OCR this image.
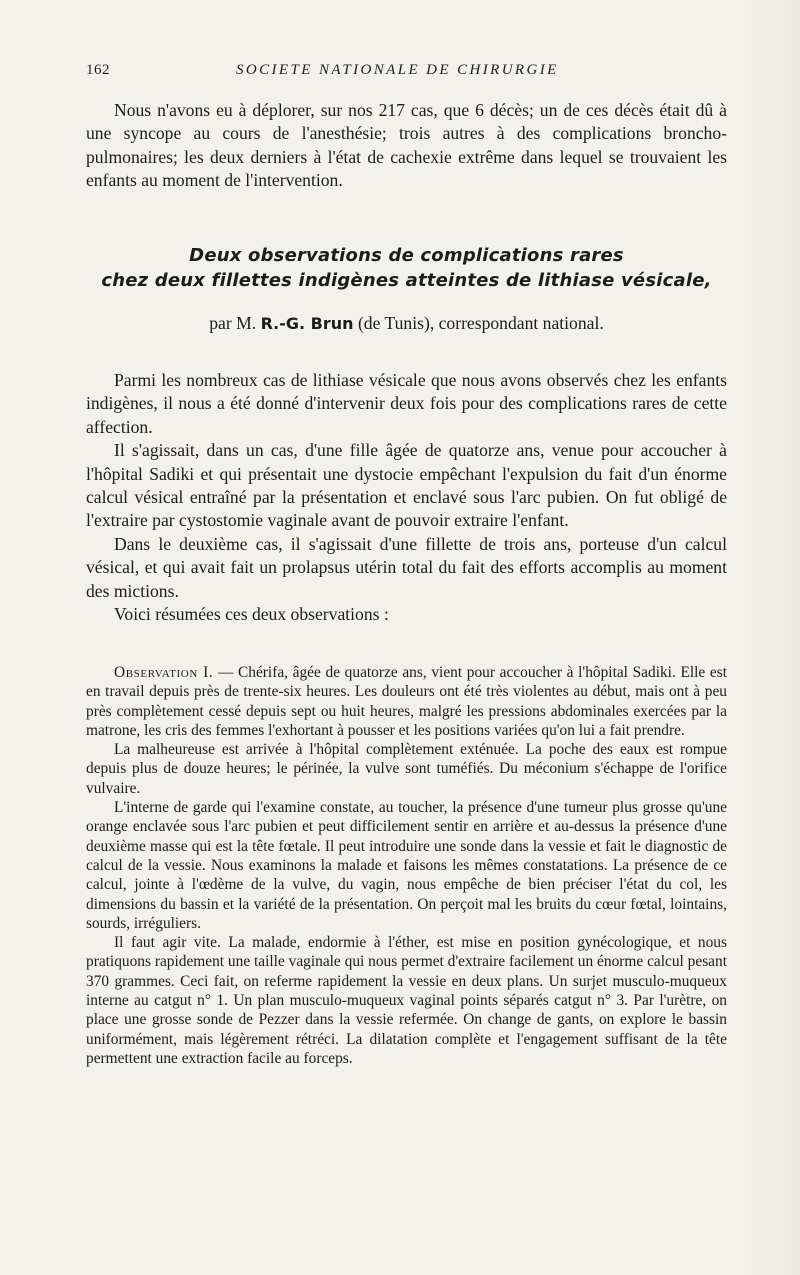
162	SOCIETE NATIONALE DE CHIRURGIE

Nous n'avons eu à déplorer, sur nos 217 cas, que 6 décès; un de ces décès était dû à une syncope au cours de l'anesthésie; trois autres à des complications broncho-pulmonaires; les deux derniers à l'état de cachexie extrême dans lequel se trouvaient les enfants au moment de l'intervention.

Deux observations de complications rares
chez deux fillettes indigènes atteintes de lithiase vésicale,
par M. R.-G. Brun (de Tunis), correspondant national.

Parmi les nombreux cas de lithiase vésicale que nous avons observés chez les enfants indigènes, il nous a été donné d'intervenir deux fois pour des complications rares de cette affection.

Il s'agissait, dans un cas, d'une fille âgée de quatorze ans, venue pour accoucher à l'hôpital Sadiki et qui présentait une dystocie empêchant l'expulsion du fait d'un énorme calcul vésical entraîné par la présentation et enclavé sous l'arc pubien. On fut obligé de l'extraire par cystostomie vaginale avant de pouvoir extraire l'enfant.

Dans le deuxième cas, il s'agissait d'une fillette de trois ans, porteuse d'un calcul vésical, et qui avait fait un prolapsus utérin total du fait des efforts accomplis au moment des mictions.

Voici résumées ces deux observations :

Observation I. — Chérifa, âgée de quatorze ans, vient pour accoucher à l'hôpital Sadiki. Elle est en travail depuis près de trente-six heures. Les douleurs ont été très violentes au début, mais ont à peu près complètement cessé depuis sept ou huit heures, malgré les pressions abdominales exercées par la matrone, les cris des femmes l'exhortant à pousser et les positions variées qu'on lui a fait prendre.

La malheureuse est arrivée à l'hôpital complètement exténuée. La poche des eaux est rompue depuis plus de douze heures; le périnée, la vulve sont tuméfiés. Du méconium s'échappe de l'orifice vulvaire.

L'interne de garde qui l'examine constate, au toucher, la présence d'une tumeur plus grosse qu'une orange enclavée sous l'arc pubien et peut difficilement sentir en arrière et au-dessus la présence d'une deuxième masse qui est la tête fœtale. Il peut introduire une sonde dans la vessie et fait le diagnostic de calcul de la vessie. Nous examinons la malade et faisons les mêmes constatations. La présence de ce calcul, jointe à l'œdème de la vulve, du vagin, nous empêche de bien préciser l'état du col, les dimensions du bassin et la variété de la présentation. On perçoit mal les bruits du cœur fœtal, lointains, sourds, irréguliers.

Il faut agir vite. La malade, endormie à l'éther, est mise en position gynécologique, et nous pratiquons rapidement une taille vaginale qui nous permet d'extraire facilement un énorme calcul pesant 370 grammes. Ceci fait, on referme rapidement la vessie en deux plans. Un surjet musculo-muqueux interne au catgut n° 1. Un plan musculo-muqueux vaginal points séparés catgut n° 3. Par l'urètre, on place une grosse sonde de Pezzer dans la vessie refermée. On change de gants, on explore le bassin uniformément, mais légèrement rétréci. La dilatation complète et l'engagement suffisant de la tête permettent une extraction facile au forceps.
